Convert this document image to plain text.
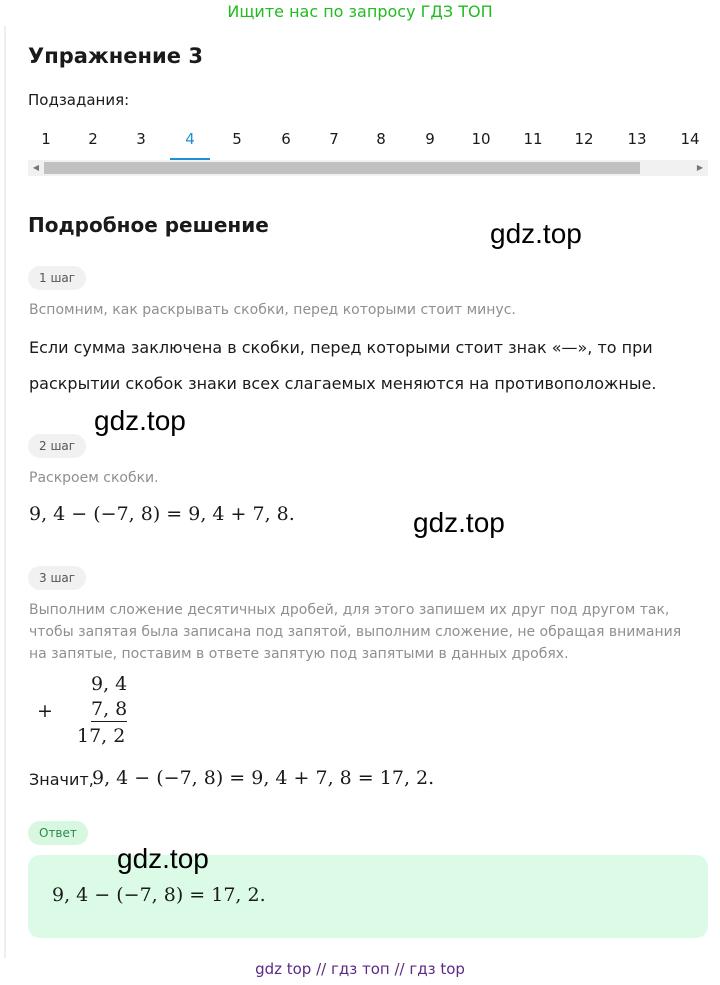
Ищите нас по запросу ГДЗ ТОП
Упражнение 3
Подзадания:
1 2	3	4	5	6	7 8	9 10 11 12 13 14
◀	▶
Подробное решение	gdz.top
gdz.top
gdz.top
gdz.top
1 шаг
Вспомним, как раскрывать скобки, перед которыми стоит минус.
Если сумма заключена в скобки, перед которыми стоит знак «—», то при
раскрытии скобок знаки всех слагаемых меняются на противоположные.
2 шаг
Раскроем скобки.
9, 4 − (−7, 8) = 9, 4 + 7, 8.
3 шаг
Выполним сложение десятичных дробей, для этого запишем их друг под другом так,
чтобы запятая была записана под запятой, выполним сложение, не обращая внимания
на запятые, поставим в ответе запятую под запятыми в данных дробях.
+
9, 4
7, 8
17, 2
Значит,
9, 4 − (−7, 8) = 9, 4 + 7, 8 = 17, 2.
Ответ
9, 4 − (−7, 8) = 17, 2.
gdz top // гдз топ // гдз top
